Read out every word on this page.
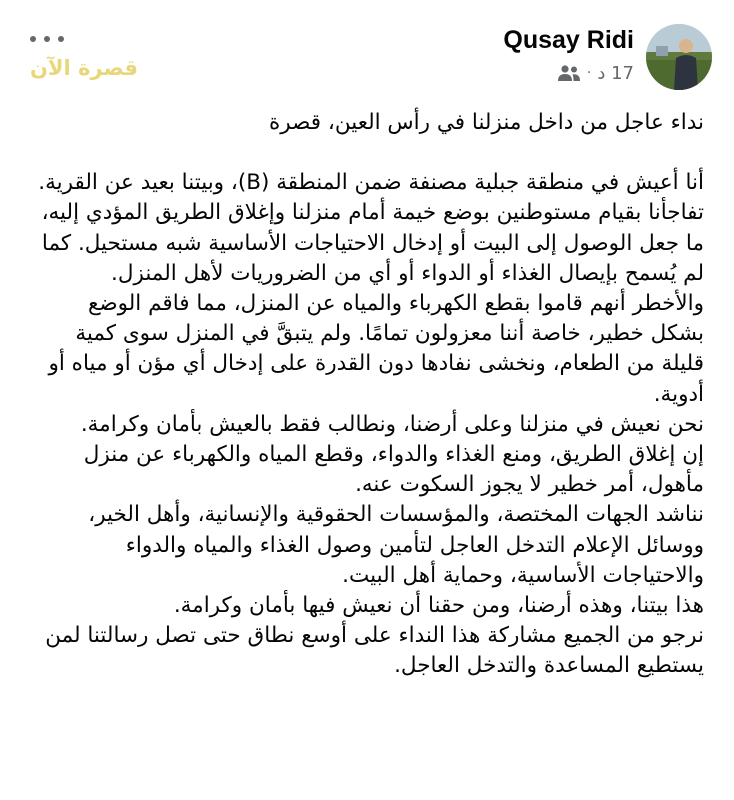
Qusay Ridi
17 د
·
قصرة الآن

نداء عاجل من داخل منزلنا في رأس العين، قصرة

أنا أعيش في منطقة جبلية مصنفة ضمن المنطقة (B)، وبيتنا بعيد عن القرية.

تفاجأنا بقيام مستوطنين بوضع خيمة أمام منزلنا وإغلاق الطريق المؤدي إليه، ما جعل الوصول إلى البيت أو إدخال الاحتياجات الأساسية شبه مستحيل. كما لم يُسمح بإيصال الغذاء أو الدواء أو أي من الضروريات لأهل المنزل.

والأخطر أنهم قاموا بقطع الكهرباء والمياه عن المنزل، مما فاقم الوضع بشكل خطير، خاصة أننا معزولون تمامًا. ولم يتبقَّ في المنزل سوى كمية قليلة من الطعام، ونخشى نفادها دون القدرة على إدخال أي مؤن أو مياه أو أدوية.

نحن نعيش في منزلنا وعلى أرضنا، ونطالب فقط بالعيش بأمان وكرامة.

إن إغلاق الطريق، ومنع الغذاء والدواء، وقطع المياه والكهرباء عن منزل مأهول، أمر خطير لا يجوز السكوت عنه.

نناشد الجهات المختصة، والمؤسسات الحقوقية والإنسانية، وأهل الخير، ووسائل الإعلام التدخل العاجل لتأمين وصول الغذاء والمياه والدواء والاحتياجات الأساسية، وحماية أهل البيت.

هذا بيتنا، وهذه أرضنا، ومن حقنا أن نعيش فيها بأمان وكرامة.

نرجو من الجميع مشاركة هذا النداء على أوسع نطاق حتى تصل رسالتنا لمن يستطيع المساعدة والتدخل العاجل.
